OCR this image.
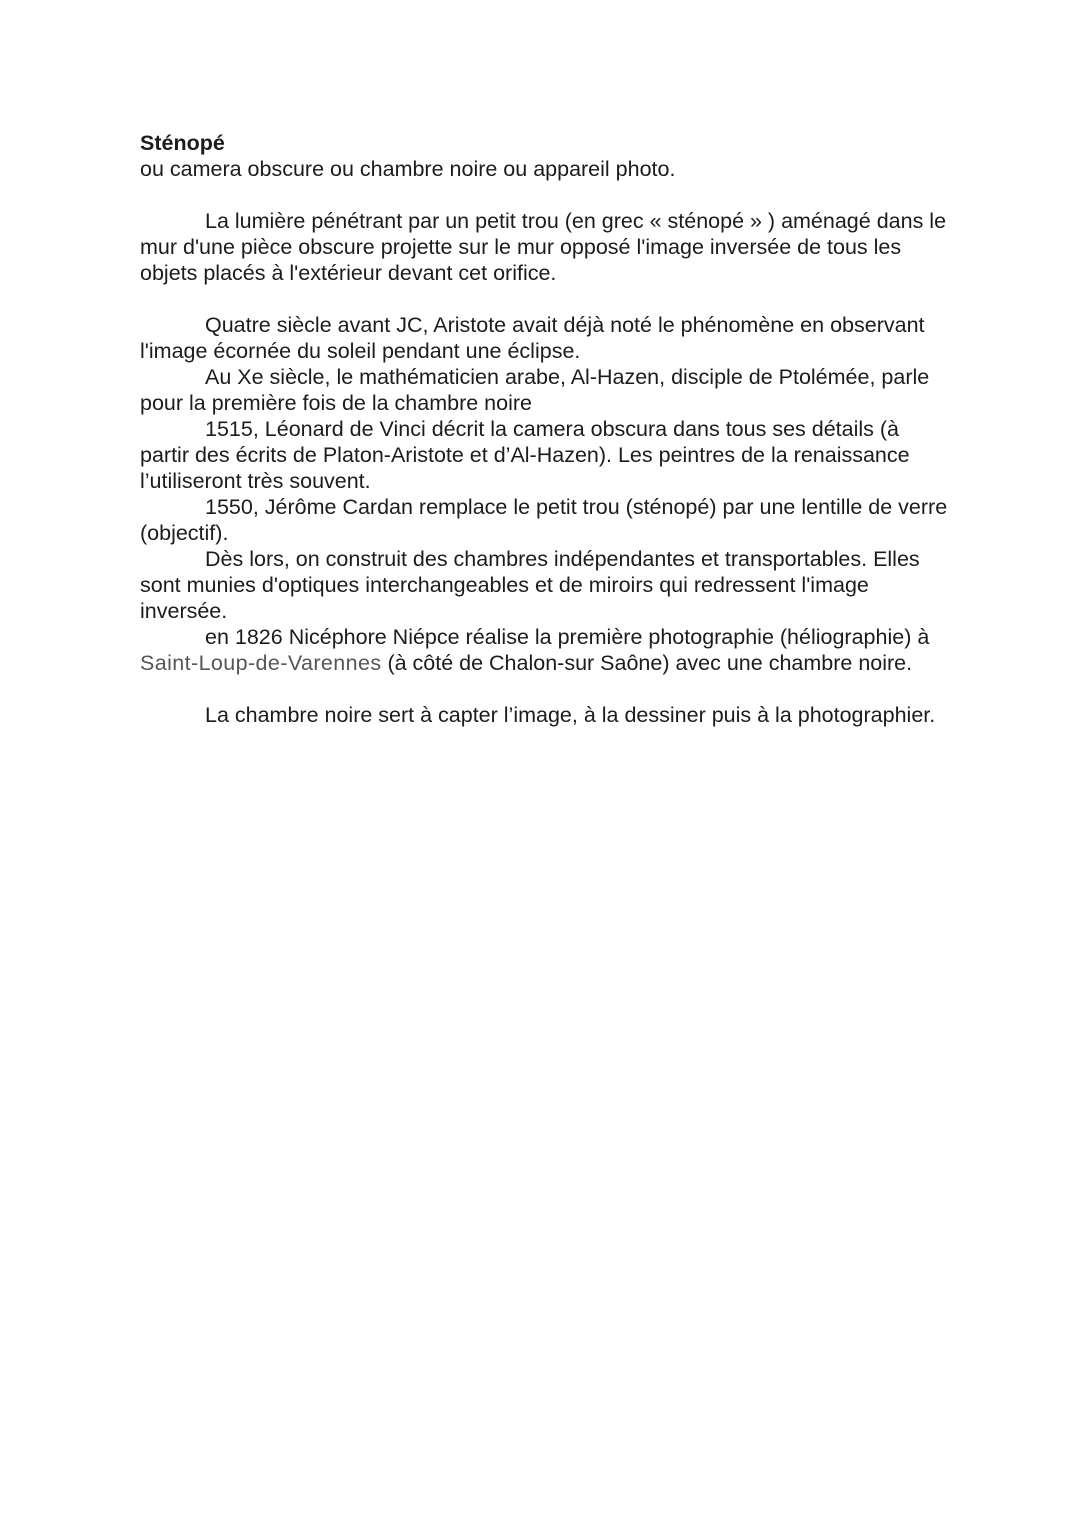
Sténopé

ou camera obscure ou chambre noire ou appareil photo.

La lumière pénétrant par un petit trou (en grec « sténopé » ) aménagé dans le mur d'une pièce obscure projette sur le mur opposé l'image inversée de tous les objets placés à l'extérieur devant cet orifice.

Quatre siècle avant JC, Aristote avait déjà noté le phénomène en observant l'image écornée du soleil pendant une éclipse.

Au Xe siècle, le mathématicien arabe, Al-Hazen, disciple de Ptolémée, parle pour la première fois de la chambre noire

1515, Léonard de Vinci décrit la camera obscura dans tous ses détails (à partir des écrits de Platon-Aristote et d’Al-Hazen). Les peintres de la renaissance l’utiliseront très souvent.

1550, Jérôme Cardan remplace le petit trou (sténopé) par une lentille de verre (objectif).

Dès lors, on construit des chambres indépendantes et transportables. Elles sont munies d'optiques interchangeables et de miroirs qui redressent l'image inversée.

en 1826 Nicéphore Niépce réalise la première photographie (héliographie) à Saint-Loup-de-Varennes (à côté de Chalon-sur Saône) avec une chambre noire.

La chambre noire sert à capter l’image, à la dessiner puis à la photographier.
